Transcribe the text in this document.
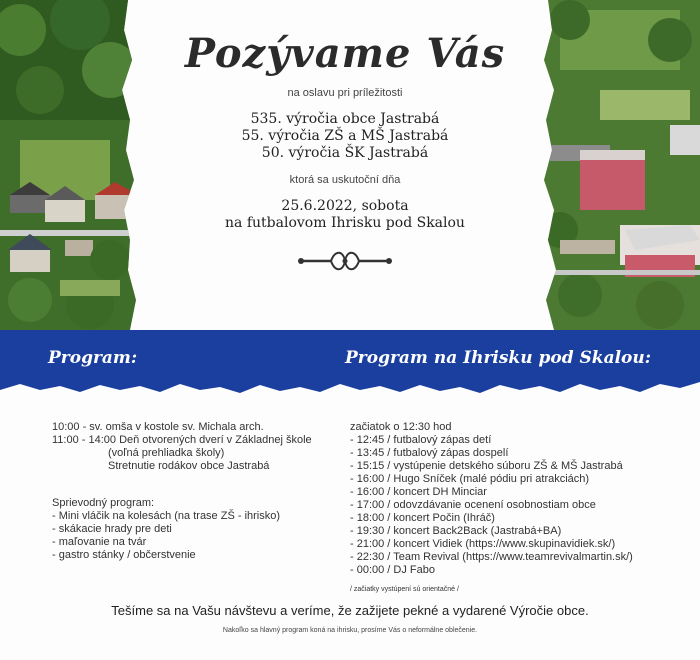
Pozývame Vás
na oslavu pri príležitosti
535. výročia obce Jastrabá
55. výročia ZŠ a MŠ Jastrabá
50. výročia ŠK Jastrabá
ktorá sa uskutoční dňa
25.6.2022, sobota
na futbalovom Ihrisku pod Skalou
Program:	Program na Ihrisku pod Skalou:
10:00 - sv. omša v kostole sv. Michala arch.
11:00 - 14:00 Deň otvorených dverí v Základnej škole
(voľná prehliadka školy)
Stretnutie rodákov obce Jastrabá
Sprievodný program:
- Mini vláčik na kolesách (na trase ZŠ - ihrisko)
- skákacie hrady pre deti
- maľovanie na tvár
- gastro stánky / občerstvenie
začiatok o 12:30 hod
- 12:45 / futbalový zápas detí
- 13:45 / futbalový zápas dospelí
- 15:15 / vystúpenie detského súboru ZŠ & MŠ Jastrabá
- 16:00 / Hugo Sníček (malé pódiu pri atrakciách)
- 16:00 / koncert DH Minciar
- 17:00 / odovzdávanie ocenení osobnostiam obce
- 18:00 / koncert Počin (Ihráč)
- 19:30 / koncert Back2Back (Jastrabá+BA)
- 21:00 / koncert Vidiek (https://www.skupinavidiek.sk/)
- 22:30 / Team Revival (https://www.teamrevivalmartin.sk/)
- 00:00 / DJ Fabo
/ začiatky vystúpení sú orientačné /
Tešíme sa na Vašu návštevu a veríme, že zažijete pekné a vydarené Výročie obce.
Nakoľko sa hlavný program koná na ihrisku, prosíme Vás o neformálne oblečenie.
